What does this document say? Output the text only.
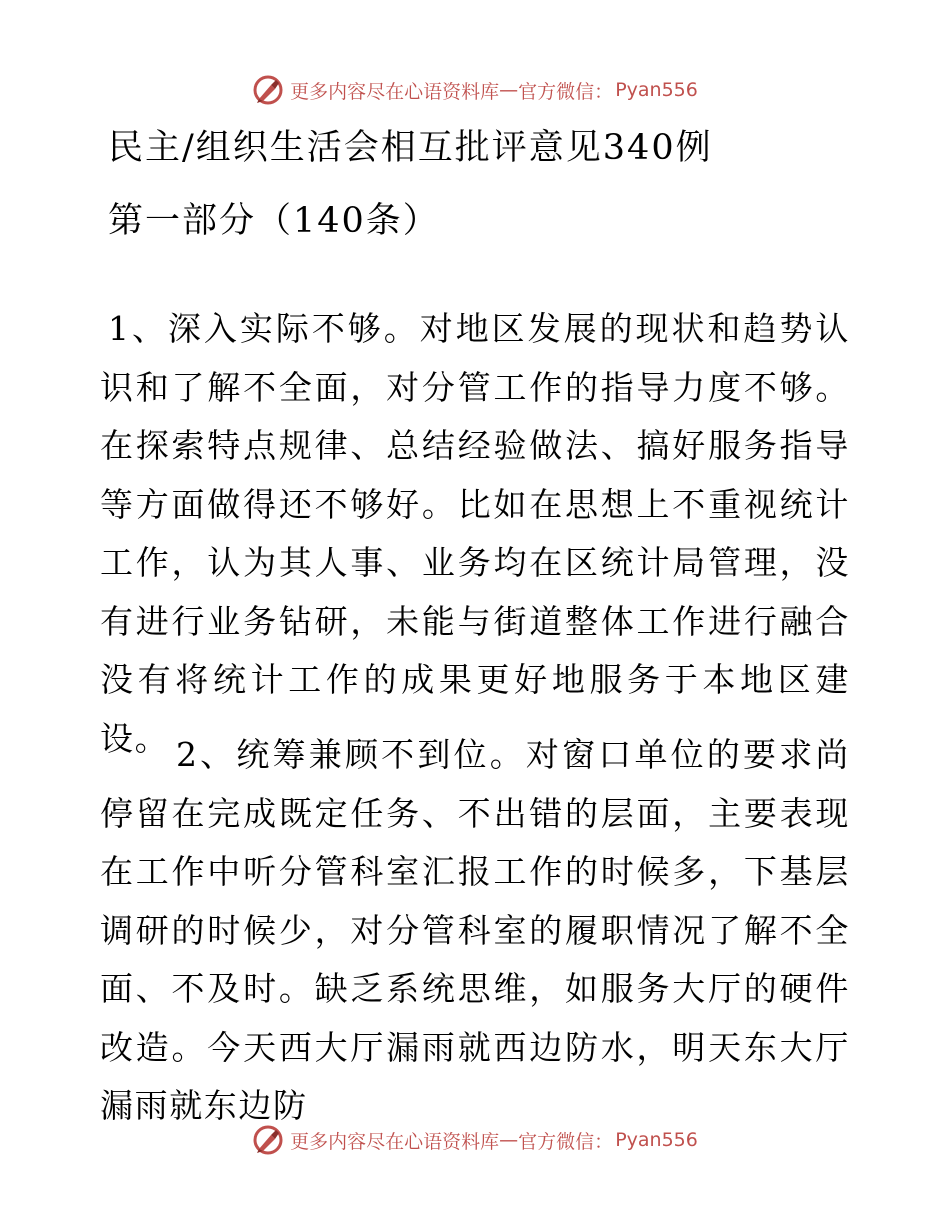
更多内容尽在心语资料库 — 官方微信： Pyan556
民主/组织生活会相互批评意见340例
第一部分（140条）

1、深入实际不够。对地区发展的现状和趋势认识和了解不全面，对分管工作的指导力度不够。在探索特点规律、总结经验做法、搞好服务指导等方面做得还不够好。比如在思想上不重视统计工作，认为其人事、业务均在区统计局管理，没有进行业务钻研，未能与街道整体工作进行融合没有将统计工作的成果更好地服务于本地区建设。 2、统筹兼顾不到位。对窗口单位的要求尚停留在完成既定任务、不出错的层面，主要表现在工作中听分管科室汇报工作的时候多，下基层调研的时候少，对分管科室的履职情况了解不全面、不及时。缺乏系统思维，如服务大厅的硬件改造。今天西大厅漏雨就西边防水，明天东大厅漏雨就东边防

更多内容尽在心语资料库 — 官方微信： Pyan556
